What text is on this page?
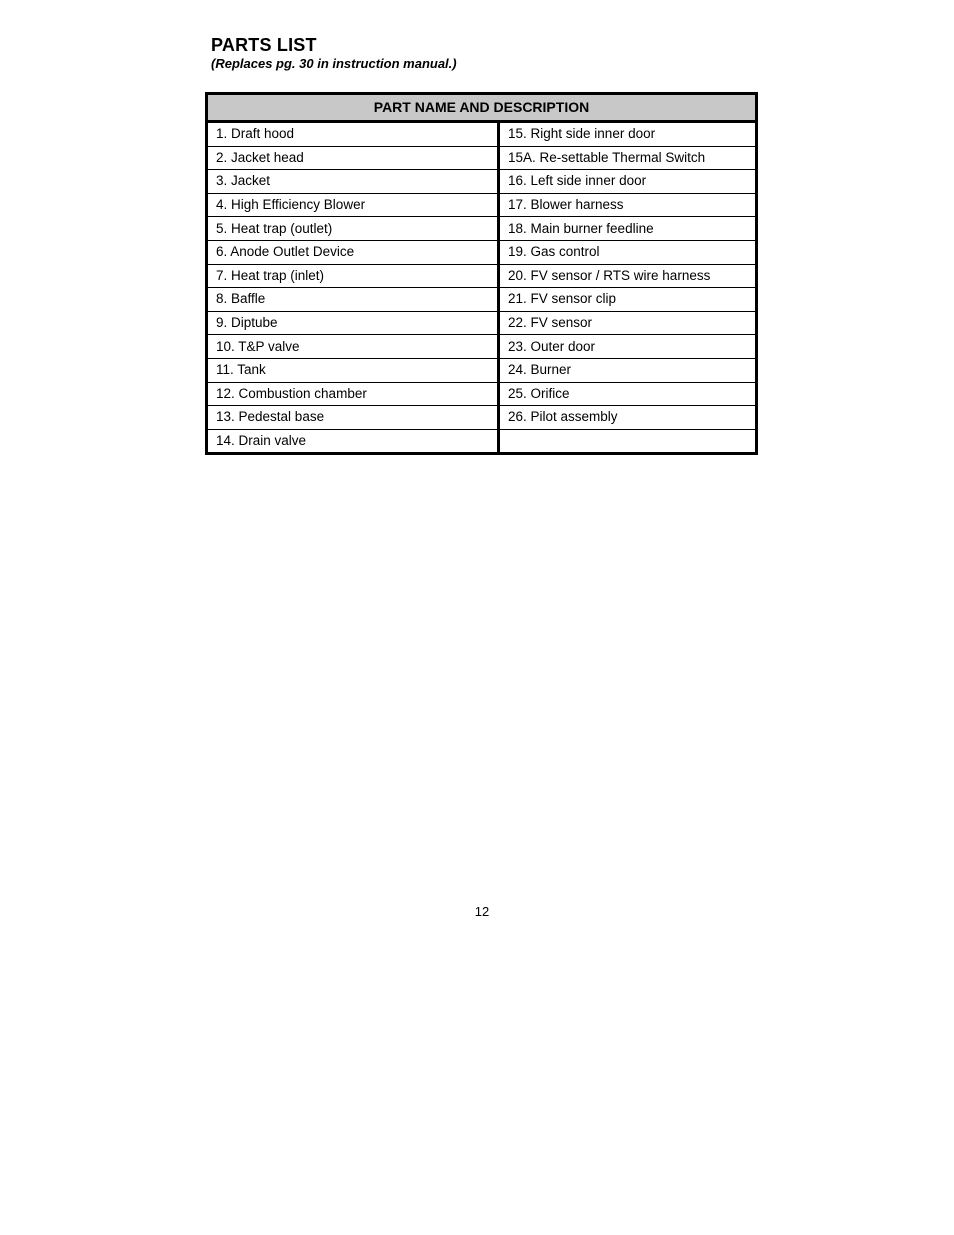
PARTS LIST

(Replaces pg. 30 in instruction manual.)

PART NAME AND DESCRIPTION
1. Draft hood	15. Right side inner door
2. Jacket head	15A. Re-settable Thermal Switch
3. Jacket	16. Left side inner door
4. High Efficiency Blower	17. Blower harness
5. Heat trap (outlet)	18. Main burner feedline
6. Anode Outlet Device	19. Gas control
7. Heat trap (inlet)	20. FV sensor / RTS wire harness
8. Baffle	21. FV sensor clip
9. Diptube	22. FV sensor
10. T&P valve	23. Outer door
11. Tank	24. Burner
12. Combustion chamber	25. Orifice
13. Pedestal base	26. Pilot assembly
14. Drain valve	
12
